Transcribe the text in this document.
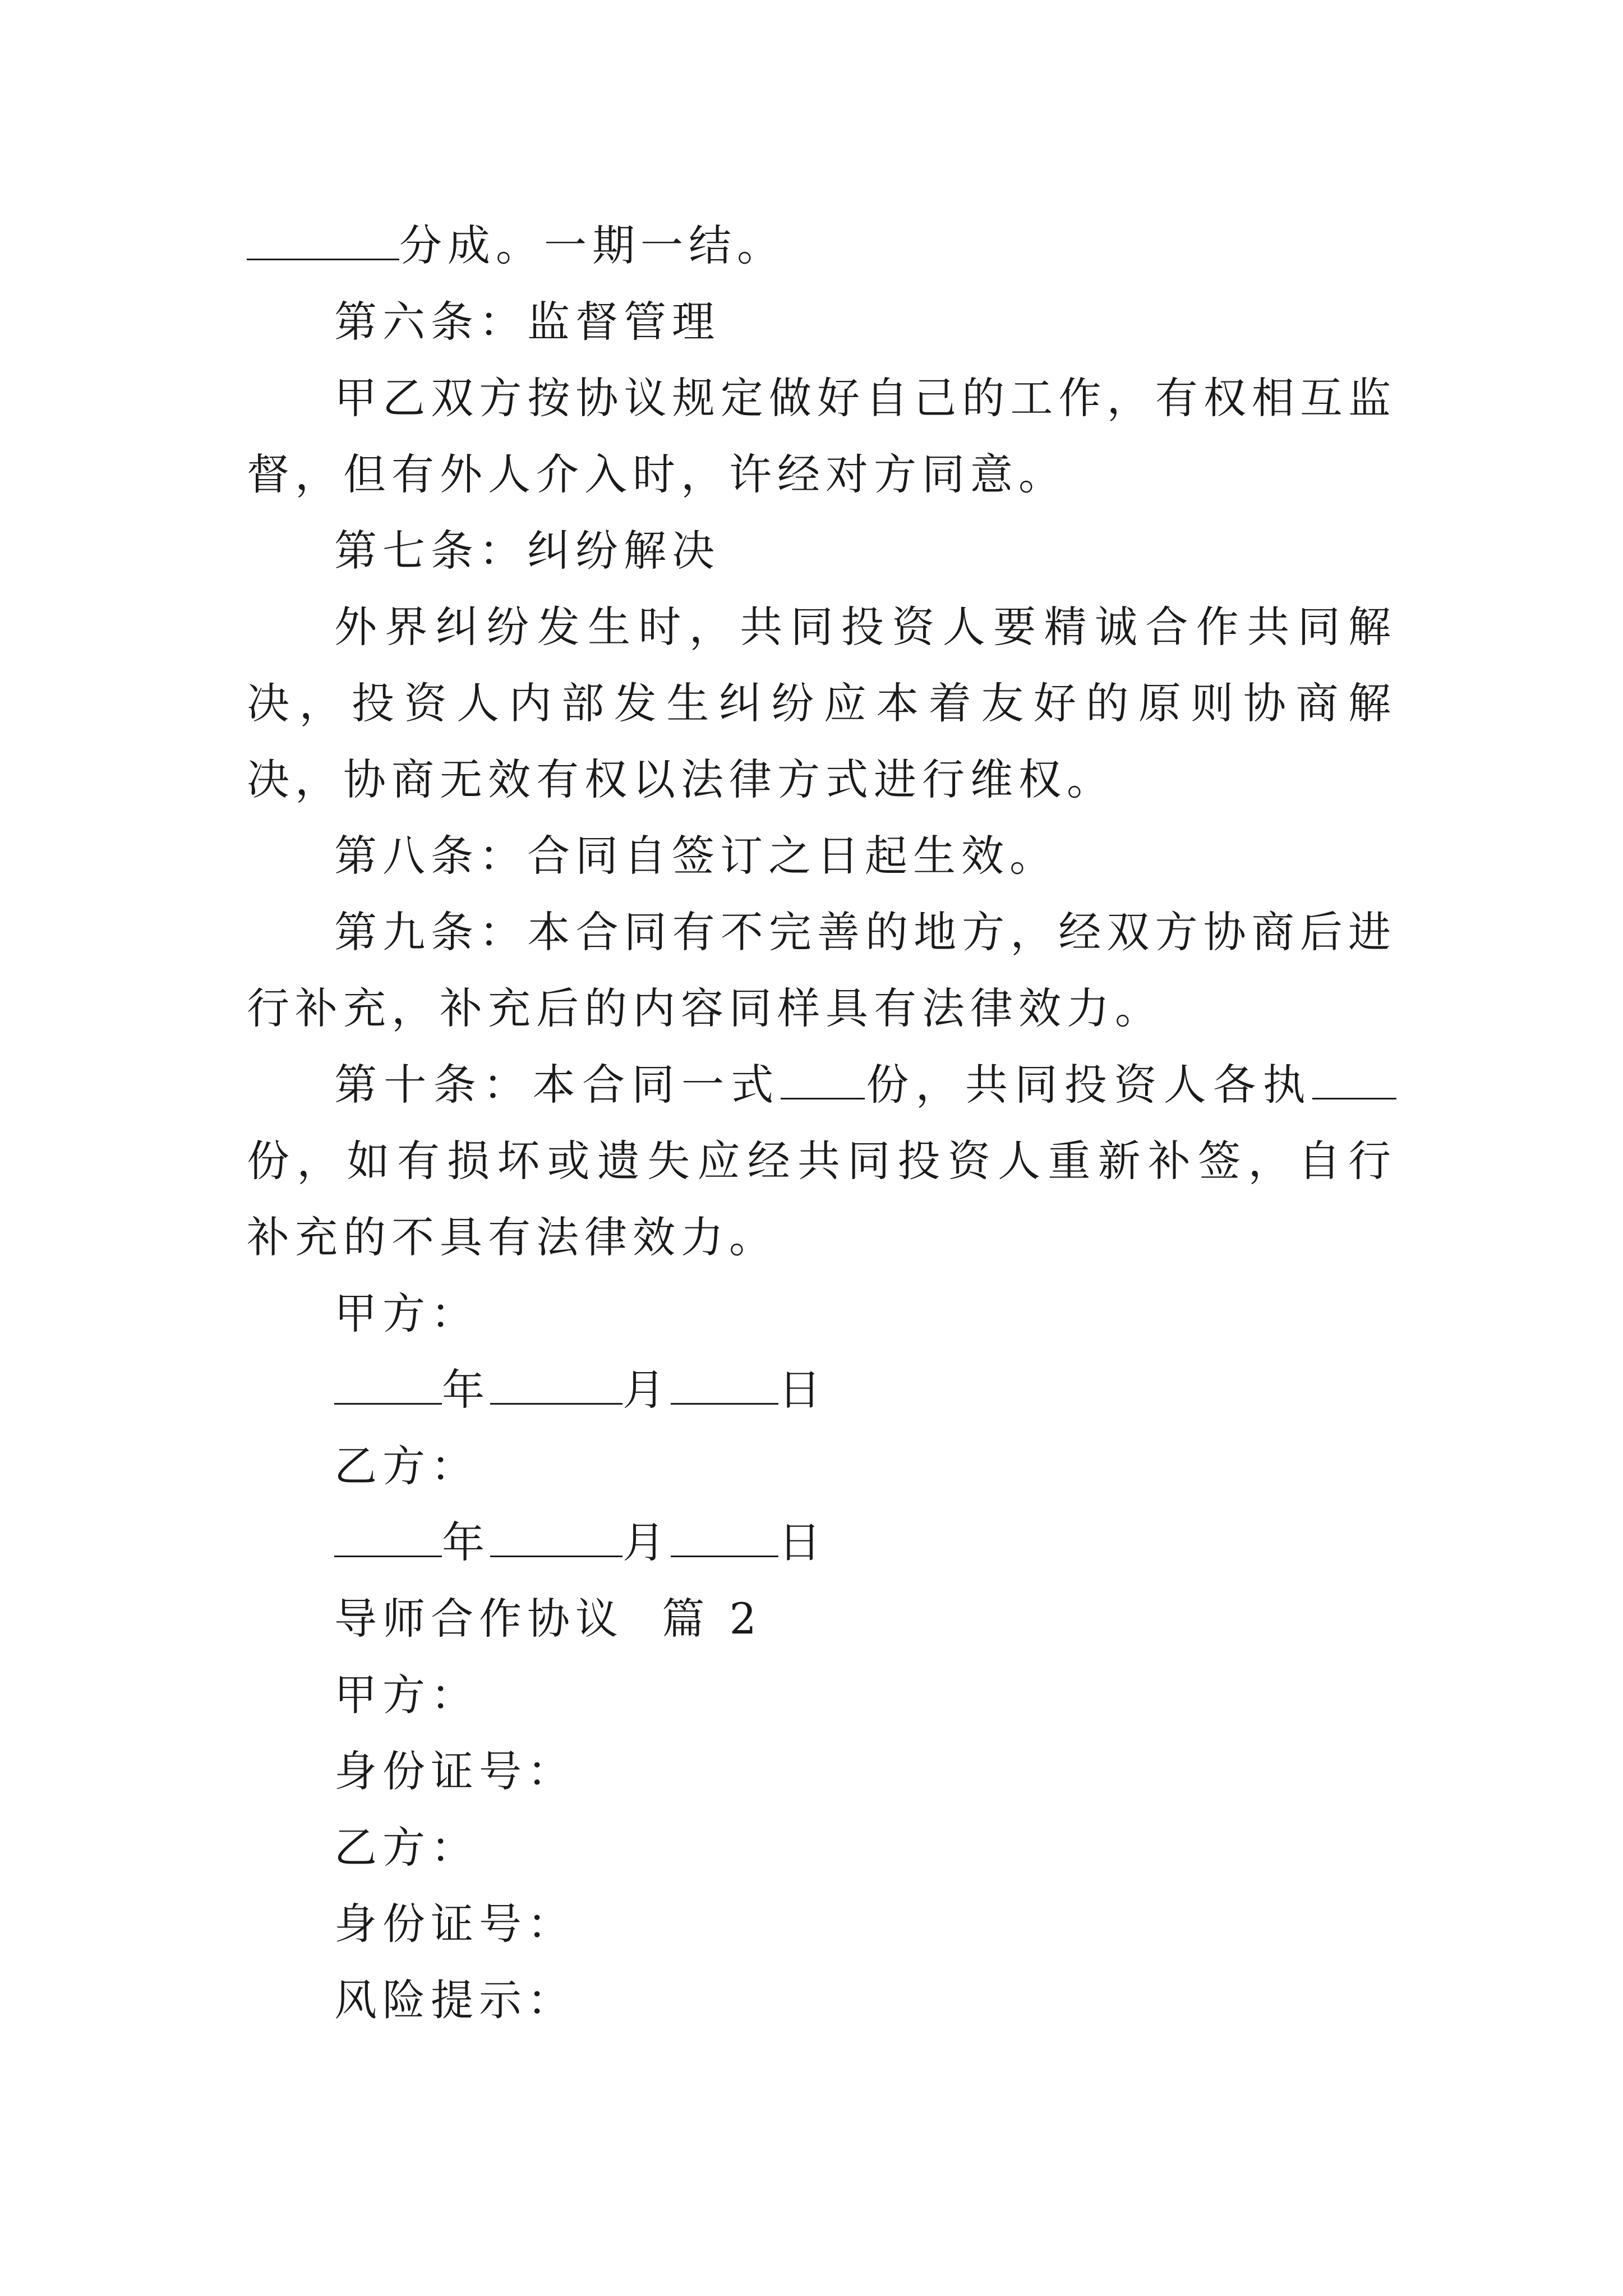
分成。一期一结。

第六条：监督管理

甲乙双方按协议规定做好自己的工作，有权相互监督，但有外人介入时，许经对方同意。

第七条：纠纷解决

外界纠纷发生时，共同投资人要精诚合作共同解决，投资人内部发生纠纷应本着友好的原则协商解决，协商无效有权以法律方式进行维权。

第八条：合同自签订之日起生效。

第九条：本合同有不完善的地方，经双方协商后进行补充，补充后的内容同样具有法律效力。

第十条：本合同一式 份，共同投资人各执份，如有损坏或遗失应经共同投资人重新补签，自行补充的不具有法律效力。

甲方：

年	月	日

乙方：

年	月	日

导师合作协议  篇 2

甲方：

身份证号：

乙方：

身份证号：

风险提示：
